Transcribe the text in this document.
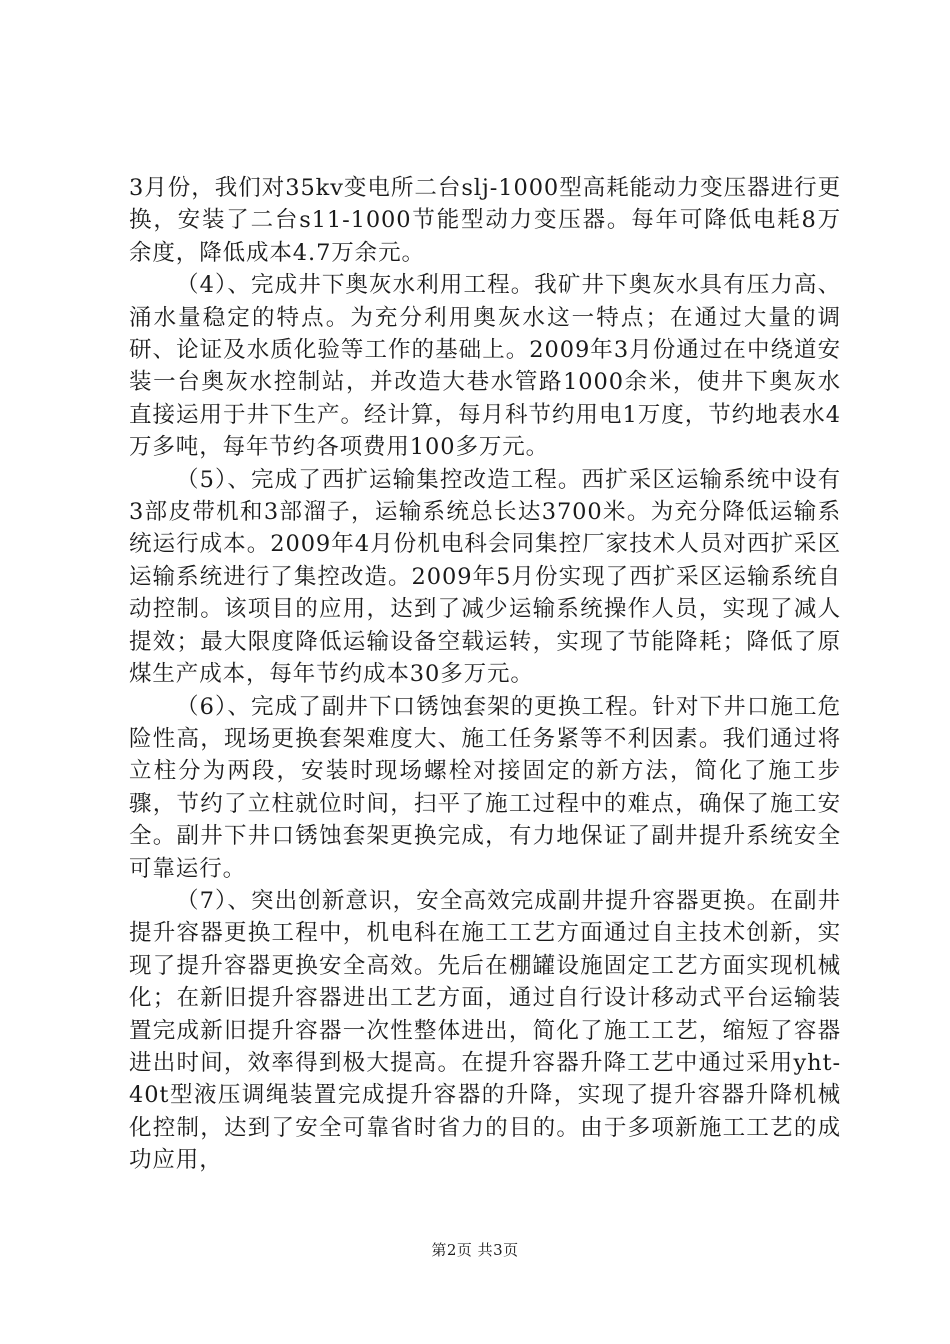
3月份，我们对35kv变电所二台slj-1000型高耗能动力变压器进行更换，安装了二台s11-1000节能型动力变压器。每年可降低电耗8万余度，降低成本4.7万余元。

（4）、完成井下奥灰水利用工程。我矿井下奥灰水具有压力高、涌水量稳定的特点。为充分利用奥灰水这一特点；在通过大量的调研、论证及水质化验等工作的基础上。2009年3月份通过在中绕道安装一台奥灰水控制站，并改造大巷水管路1000余米，使井下奥灰水直接运用于井下生产。经计算，每月科节约用电1万度，节约地表水4万多吨，每年节约各项费用100多万元。

（5）、完成了西扩运输集控改造工程。西扩采区运输系统中设有3部皮带机和3部溜子，运输系统总长达3700米。为充分降低运输系统运行成本。2009年4月份机电科会同集控厂家技术人员对西扩采区运输系统进行了集控改造。2009年5月份实现了西扩采区运输系统自动控制。该项目的应用，达到了减少运输系统操作人员，实现了减人提效；最大限度降低运输设备空载运转，实现了节能降耗；降低了原煤生产成本，每年节约成本30多万元。

（6）、完成了副井下口锈蚀套架的更换工程。针对下井口施工危险性高，现场更换套架难度大、施工任务紧等不利因素。我们通过将立柱分为两段，安装时现场螺栓对接固定的新方法，简化了施工步骤，节约了立柱就位时间，扫平了施工过程中的难点，确保了施工安全。副井下井口锈蚀套架更换完成，有力地保证了副井提升系统安全可靠运行。

（7）、突出创新意识，安全高效完成副井提升容器更换。在副井提升容器更换工程中，机电科在施工工艺方面通过自主技术创新，实现了提升容器更换安全高效。先后在棚罐设施固定工艺方面实现机械化；在新旧提升容器进出工艺方面，通过自行设计移动式平台运输装置完成新旧提升容器一次性整体进出，简化了施工工艺，缩短了容器进出时间，效率得到极大提高。在提升容器升降工艺中通过采用yht-40t型液压调绳装置完成提升容器的升降，实现了提升容器升降机械化控制，达到了安全可靠省时省力的目的。由于多项新施工工艺的成功应用，

第2页 共3页
